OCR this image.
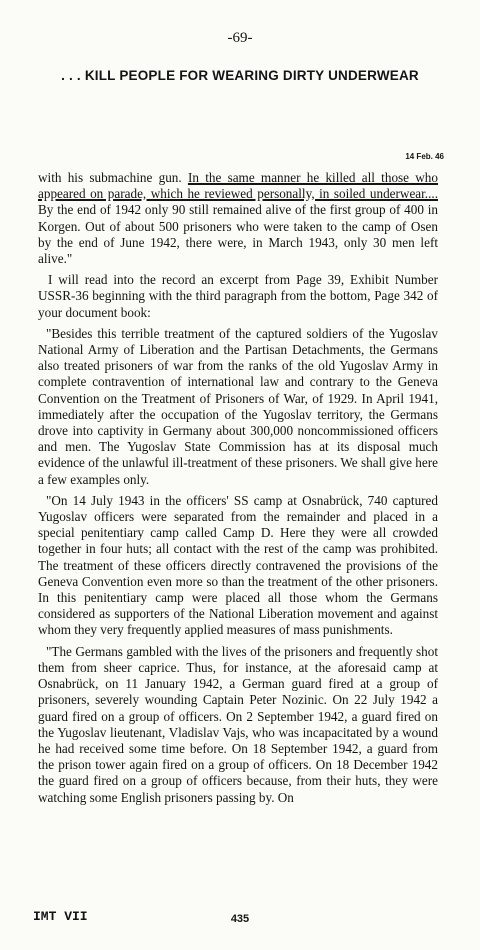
-69-
. . . KILL PEOPLE FOR WEARING DIRTY UNDERWEAR
14 Feb. 46

with his submachine gun. In the same manner he killed all those who appeared on parade, which he reviewed personally, in soiled underwear.... By the end of 1942 only 90 still remained alive of the first group of 400 in Korgen. Out of about 500 prisoners who were taken to the camp of Osen by the end of June 1942, there were, in March 1943, only 30 men left alive."

I will read into the record an excerpt from Page 39, Exhibit Number USSR-36 beginning with the third paragraph from the bottom, Page 342 of your document book:

"Besides this terrible treatment of the captured soldiers of the Yugoslav National Army of Liberation and the Partisan Detachments, the Germans also treated prisoners of war from the ranks of the old Yugoslav Army in complete contravention of international law and contrary to the Geneva Convention on the Treatment of Prisoners of War, of 1929. In April 1941, immediately after the occupation of the Yugoslav territory, the Germans drove into captivity in Germany about 300,000 noncommissioned officers and men. The Yugoslav State Commission has at its disposal much evidence of the unlawful ill-treatment of these prisoners. We shall give here a few examples only.

"On 14 July 1943 in the officers' SS camp at Osnabrück, 740 captured Yugoslav officers were separated from the remainder and placed in a special penitentiary camp called Camp D. Here they were all crowded together in four huts; all contact with the rest of the camp was prohibited. The treatment of these officers directly contravened the provisions of the Geneva Convention even more so than the treatment of the other prisoners. In this penitentiary camp were placed all those whom the Germans considered as supporters of the National Liberation movement and against whom they very frequently applied measures of mass punishments.

"The Germans gambled with the lives of the prisoners and frequently shot them from sheer caprice. Thus, for instance, at the aforesaid camp at Osnabrück, on 11 January 1942, a German guard fired at a group of prisoners, severely wounding Captain Peter Nozinic. On 22 July 1942 a guard fired on a group of officers. On 2 September 1942, a guard fired on the Yugoslav lieutenant, Vladislav Vajs, who was incapacitated by a wound he had received some time before. On 18 September 1942, a guard from the prison tower again fired on a group of officers. On 18 December 1942 the guard fired on a group of officers because, from their huts, they were watching some English prisoners passing by. On

IMT VII	435
